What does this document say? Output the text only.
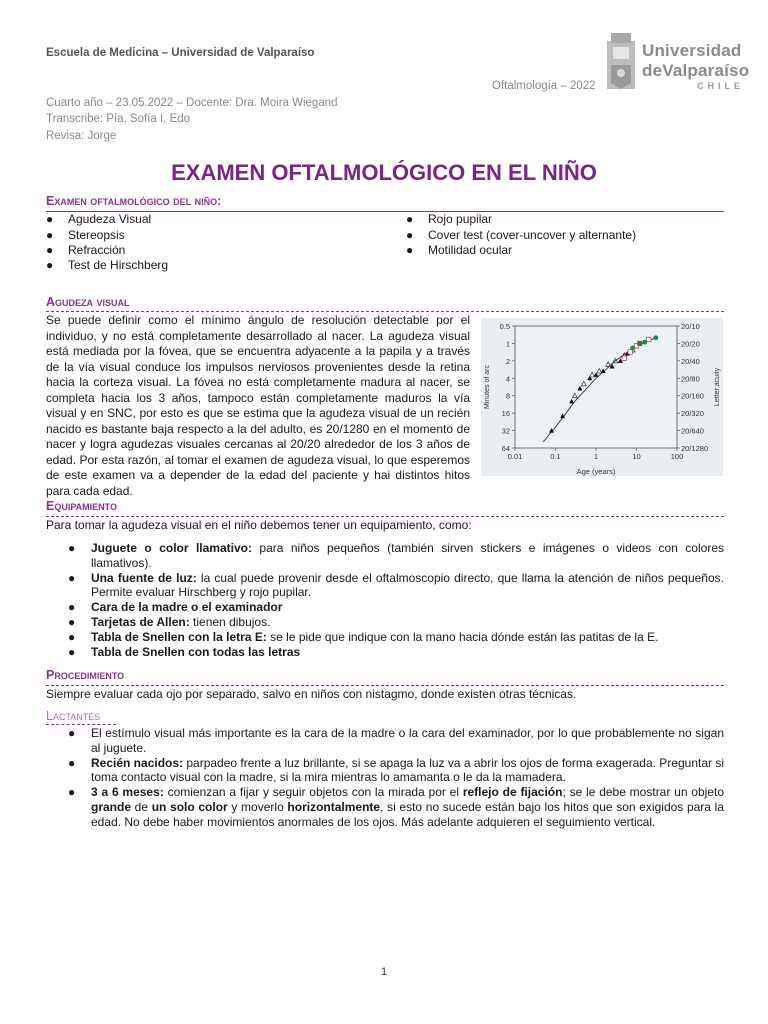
Escuela de Medicina – Universidad de Valparaíso
Cuarto año – 23.05.2022 – Docente: Dra. Moira Wiegand
Transcribe: Pía, Sofía I, Edo
Revisa: Jorge
Oftalmología – 2022
Universidad
deValparaíso
CHILE
EXAMEN OFTALMOLÓGICO EN EL NIÑO
Examen oftalmológico del niño:
● Agudeza Visual
● Stereopsis
● Refracción
● Test de Hirschberg
● Rojo pupilar
● Cover test (cover-uncover y alternante)
● Motilidad ocular
Agudeza visual
Se puede definir como el mínimo ángulo de resolución detectable por el individuo, y no está completamente desarrollado al nacer. La agudeza visual está mediada por la fóvea, que se encuentra adyacente a la papila y a través de la vía visual conduce los impulsos nerviosos provenientes desde la retina hacia la corteza visual. La fóvea no está completamente madura al nacer, se completa hacia los 3 años, tampoco están completamente maduros la vía visual y en SNC, por esto es que se estima que la agudeza visual de un recién nacido es bastante baja respecto a la del adulto, es 20/1280 en el momento de nacer y logra agudezas visuales cercanas al 20/20 alrededor de los 3 años de edad. Por esta razón, al tomar el examen de agudeza visual, lo que esperemos de este examen va a depender de la edad del paciente y hai distintos hitos para cada edad.
0.5
1
2
4
8
16
32
64
20/10
20/20
20/40
20/80
20/160
20/320
20/640
20/1280
0.01	0.1	1	10	100
Age (years)
Minutes of arc	Letter acuity
Equipamiento
Para tomar la agudeza visual en el niño debemos tener un equipamiento, como:
● Juguete o color llamativo: para niños pequeños (también sirven stickers e imágenes o videos con colores llamativos).
● Una fuente de luz: la cual puede provenir desde el oftalmoscopio directo, que llama la atención de niños pequeños. Permite evaluar Hirschberg y rojo pupilar.
● Cara de la madre o el examinador
● Tarjetas de Allen: tienen dibujos.
● Tabla de Snellen con la letra E: se le pide que indique con la mano hacia dónde están las patitas de la E.
● Tabla de Snellen con todas las letras
Procedimiento
Siempre evaluar cada ojo por separado, salvo en niños con nistagmo, donde existen otras técnicas.
Lactantes
● El estímulo visual más importante es la cara de la madre o la cara del examinador, por lo que probablemente no sigan al juguete.
● Recién nacidos: parpadeo frente a luz brillante, si se apaga la luz va a abrir los ojos de forma exagerada. Preguntar si toma contacto visual con la madre, si la mira mientras lo amamanta o le da la mamadera.
● 3 a 6 meses: comienzan a fijar y seguir objetos con la mirada por el reflejo de fijación; se le debe mostrar un objeto grande de un solo color y moverlo horizontalmente, si esto no sucede están bajo los hitos que son exigidos para la edad. No debe haber movimientos anormales de los ojos. Más adelante adquieren el seguimiento vertical.
1
